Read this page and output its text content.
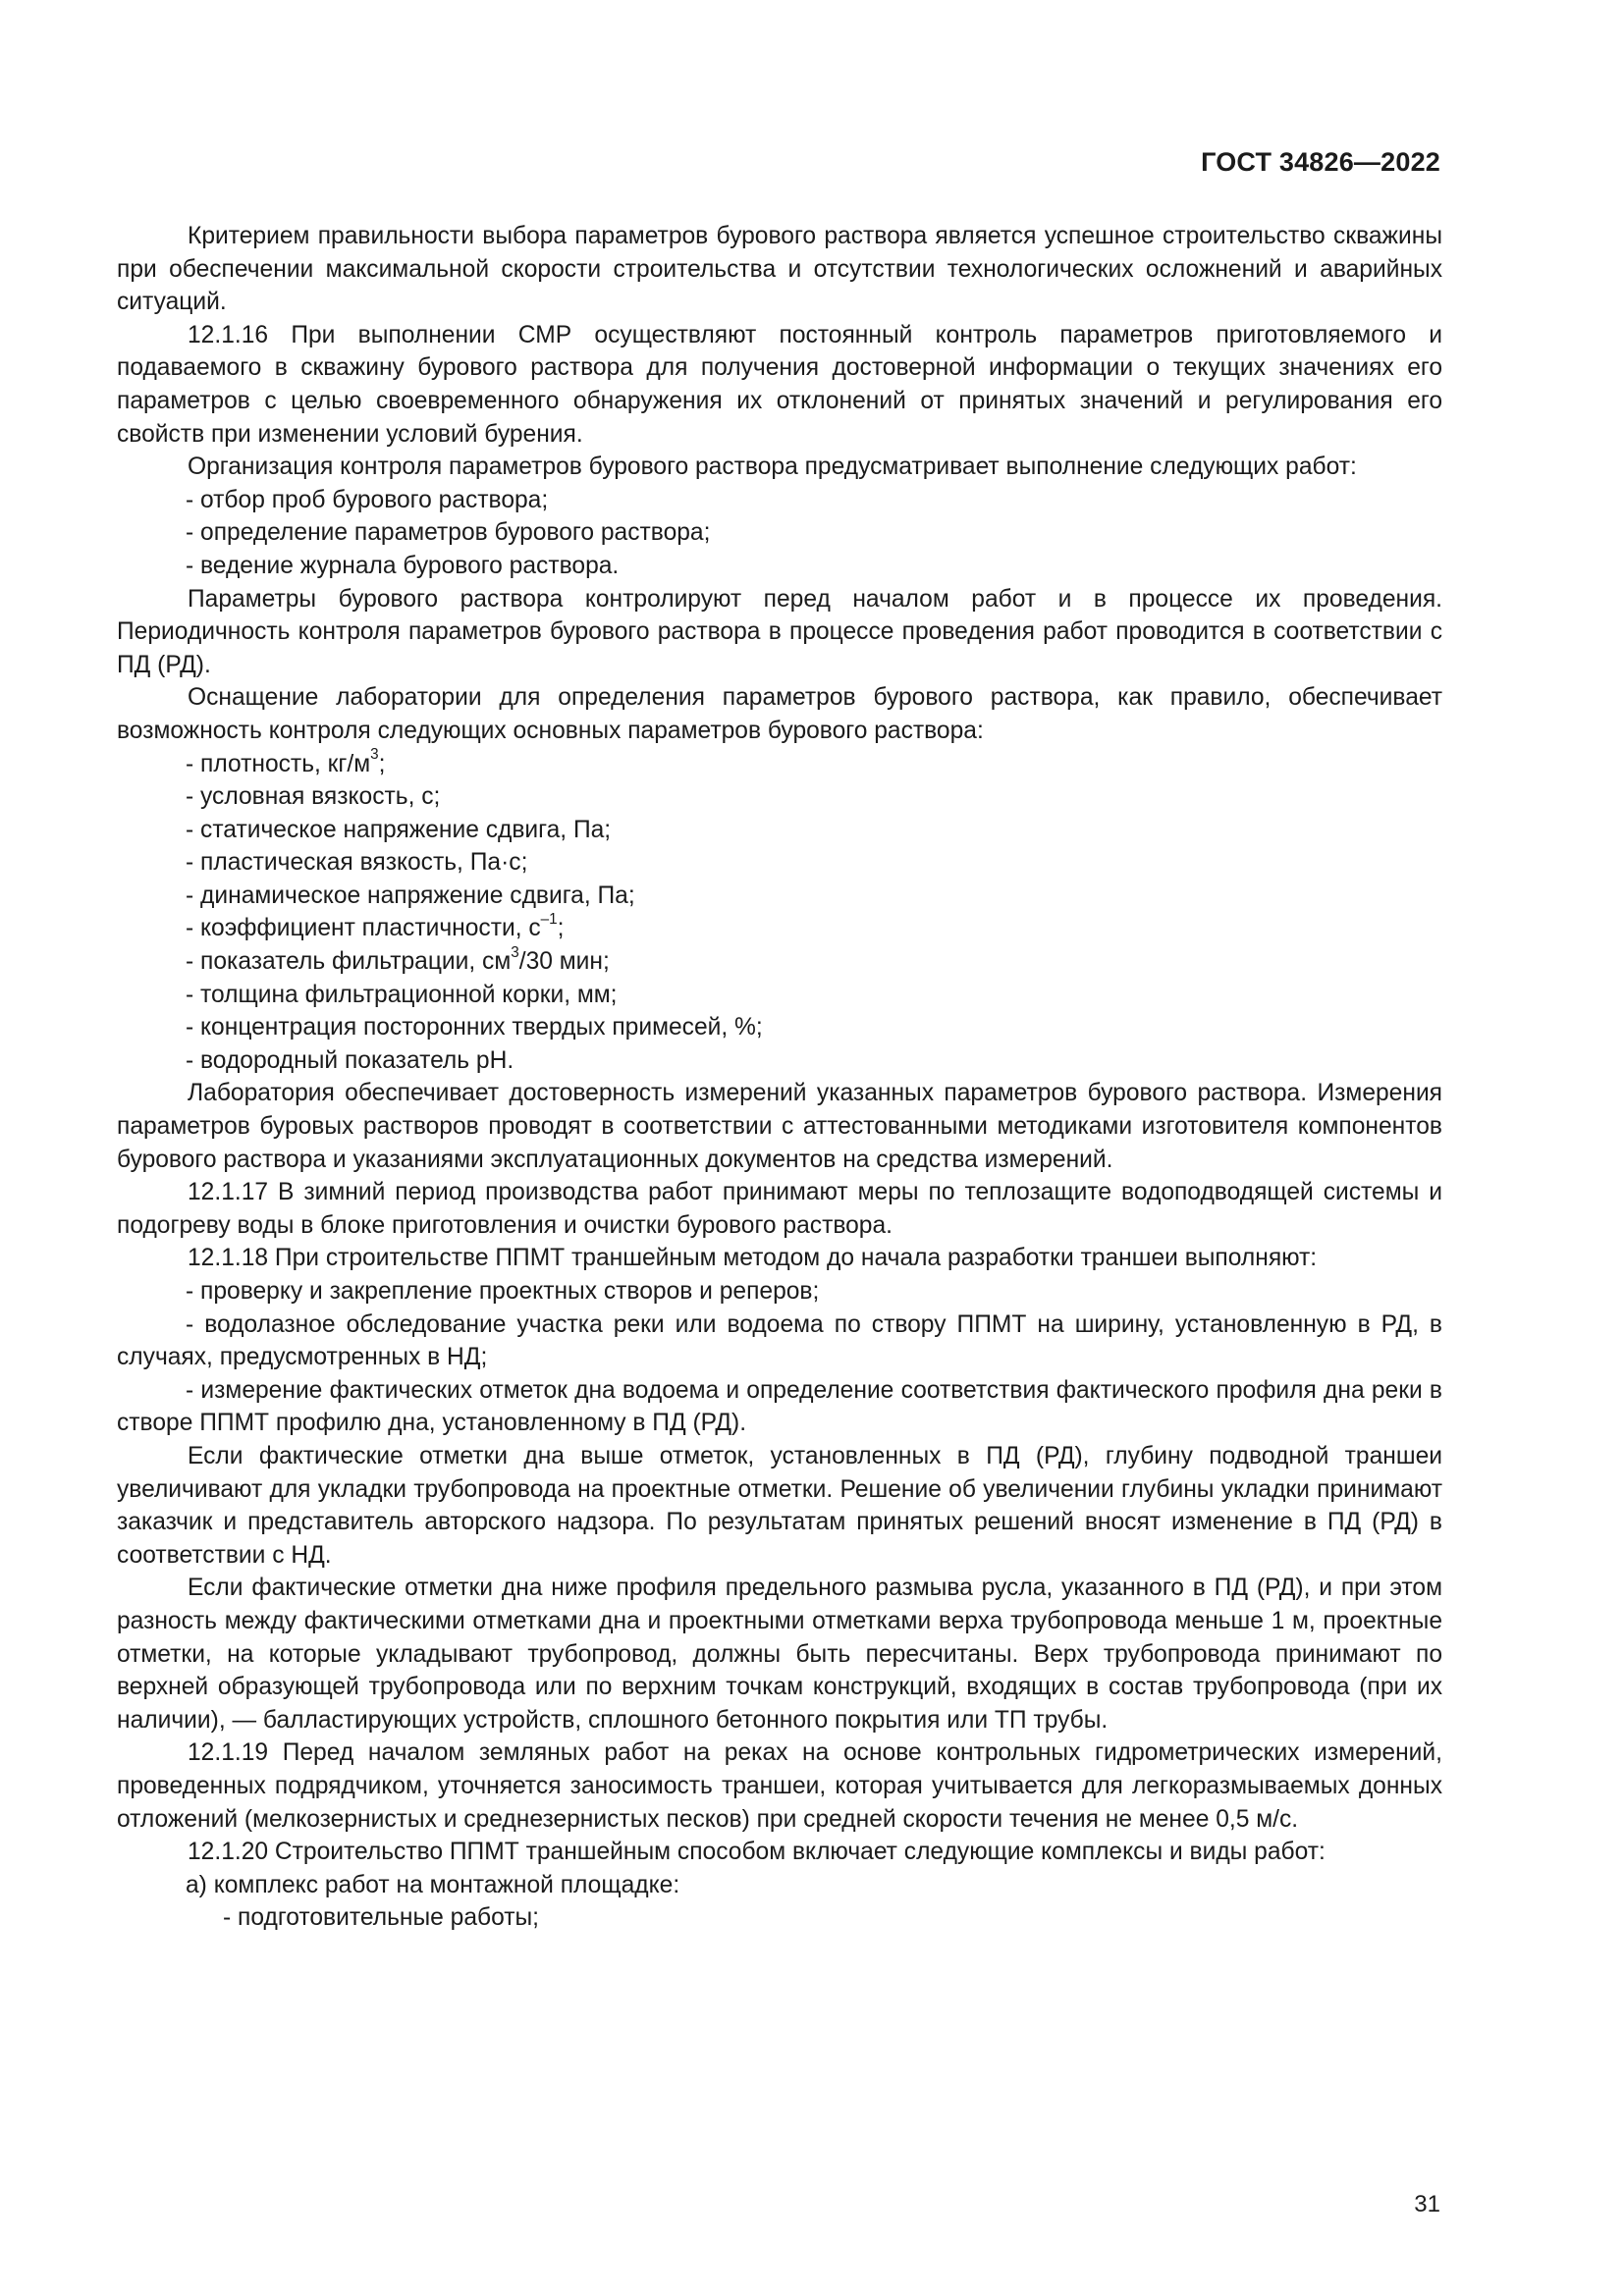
ГОСТ 34826—2022

Критерием правильности выбора параметров бурового раствора является успешное строительство скважины при обеспечении максимальной скорости строительства и отсутствии технологических осложнений и аварийных ситуаций.

12.1.16 При выполнении СМР осуществляют постоянный контроль параметров приготовляемого и подаваемого в скважину бурового раствора для получения достоверной информации о текущих значениях его параметров с целью своевременного обнаружения их отклонений от принятых значений и регулирования его свойств при изменении условий бурения.

Организация контроля параметров бурового раствора предусматривает выполнение следующих работ:

- отбор проб бурового раствора;

- определение параметров бурового раствора;

- ведение журнала бурового раствора.

Параметры бурового раствора контролируют перед началом работ и в процессе их проведения. Периодичность контроля параметров бурового раствора в процессе проведения работ проводится в соответствии с ПД (РД).

Оснащение лаборатории для определения параметров бурового раствора, как правило, обеспечивает возможность контроля следующих основных параметров бурового раствора:

- плотность, $кг/м^3$;

- условная вязкость, с;

- статическое напряжение сдвига, Па;

- пластическая вязкость, Па·с;

- динамическое напряжение сдвига, Па;

- коэффициент пластичности, $с^{-1}$;

- показатель фильтрации, $см^3/30$ мин;

- толщина фильтрационной корки, мм;

- концентрация посторонних твердых примесей, %;

- водородный показатель рН.

Лаборатория обеспечивает достоверность измерений указанных параметров бурового раствора. Измерения параметров буровых растворов проводят в соответствии с аттестованными методиками изготовителя компонентов бурового раствора и указаниями эксплуатационных документов на средства измерений.

12.1.17 В зимний период производства работ принимают меры по теплозащите водоподводящей системы и подогреву воды в блоке приготовления и очистки бурового раствора.

12.1.18 При строительстве ППМТ траншейным методом до начала разработки траншеи выполняют:

- проверку и закрепление проектных створов и реперов;

- водолазное обследование участка реки или водоема по створу ППМТ на ширину, установленную в РД, в случаях, предусмотренных в НД;

- измерение фактических отметок дна водоема и определение соответствия фактического профиля дна реки в створе ППМТ профилю дна, установленному в ПД (РД).

Если фактические отметки дна выше отметок, установленных в ПД (РД), глубину подводной траншеи увеличивают для укладки трубопровода на проектные отметки. Решение об увеличении глубины укладки принимают заказчик и представитель авторского надзора. По результатам принятых решений вносят изменение в ПД (РД) в соответствии с НД.

Если фактические отметки дна ниже профиля предельного размыва русла, указанного в ПД (РД), и при этом разность между фактическими отметками дна и проектными отметками верха трубопровода меньше 1 м, проектные отметки, на которые укладывают трубопровод, должны быть пересчитаны. Верх трубопровода принимают по верхней образующей трубопровода или по верхним точкам конструкций, входящих в состав трубопровода (при их наличии), — балластирующих устройств, сплошного бетонного покрытия или ТП трубы.

12.1.19 Перед началом земляных работ на реках на основе контрольных гидрометрических измерений, проведенных подрядчиком, уточняется заносимость траншеи, которая учитывается для легкоразмываемых донных отложений (мелкозернистых и среднезернистых песков) при средней скорости течения не менее 0,5 м/с.

12.1.20 Строительство ППМТ траншейным способом включает следующие комплексы и виды работ:

а) комплекс работ на монтажной площадке:

- подготовительные работы;

31
